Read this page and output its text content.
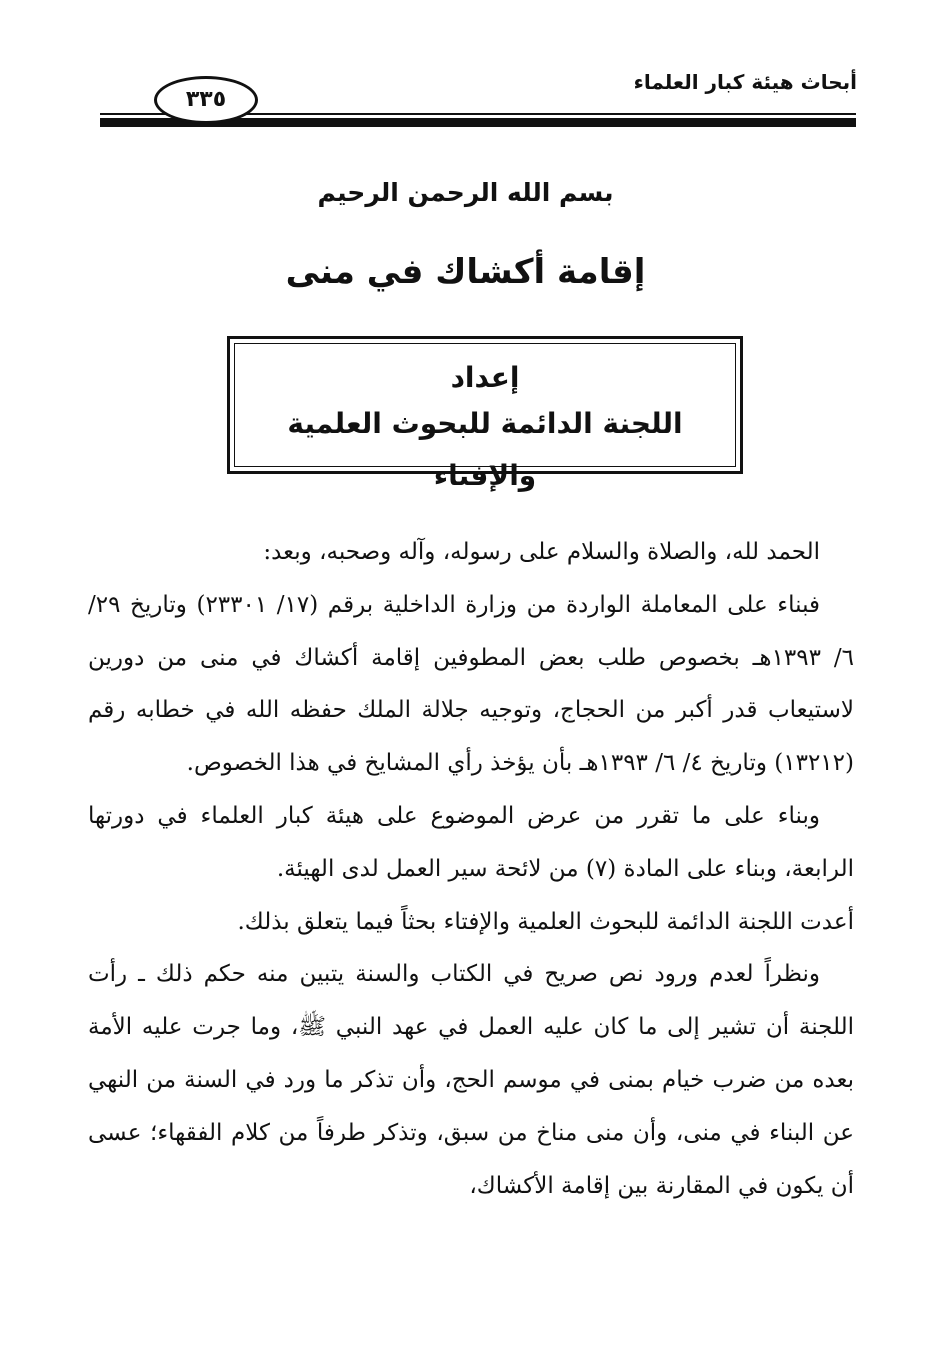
أبحاث هيئة كبار العلماء
٣٣٥
بسم الله الرحمن الرحيم
إقامة أكشاك في منى
إعداد
اللجنة الدائمة للبحوث العلمية والإفتاء

الحمد لله، والصلاة والسلام على رسوله، وآله وصحبه، وبعد:

فبناء على المعاملة الواردة من وزارة الداخلية برقم (١٧/ ٢٣٣٠١) وتاريخ ٢٩/ ٦/ ١٣٩٣هـ بخصوص طلب بعض المطوفين إقامة أكشاك في منى من دورين لاستيعاب قدر أكبر من الحجاج، وتوجيه جلالة الملك حفظه الله في خطابه رقم (١٣٢١٢) وتاريخ ٤/ ٦/ ١٣٩٣هـ بأن يؤخذ رأي المشايخ في هذا الخصوص.

وبناء على ما تقرر من عرض الموضوع على هيئة كبار العلماء في دورتها الرابعة، وبناء على المادة (٧) من لائحة سير العمل لدى الهيئة.

أعدت اللجنة الدائمة للبحوث العلمية والإفتاء بحثاً فيما يتعلق بذلك.

ونظراً لعدم ورود نص صريح في الكتاب والسنة يتبين منه حكم ذلك ـ رأت اللجنة أن تشير إلى ما كان عليه العمل في عهد النبي ﷺ، وما جرت عليه الأمة بعده من ضرب خيام بمنى في موسم الحج، وأن تذكر ما ورد في السنة من النهي عن البناء في منى، وأن منى مناخ من سبق، وتذكر طرفاً من كلام الفقهاء؛ عسى أن يكون في المقارنة بين إقامة الأكشاك،
